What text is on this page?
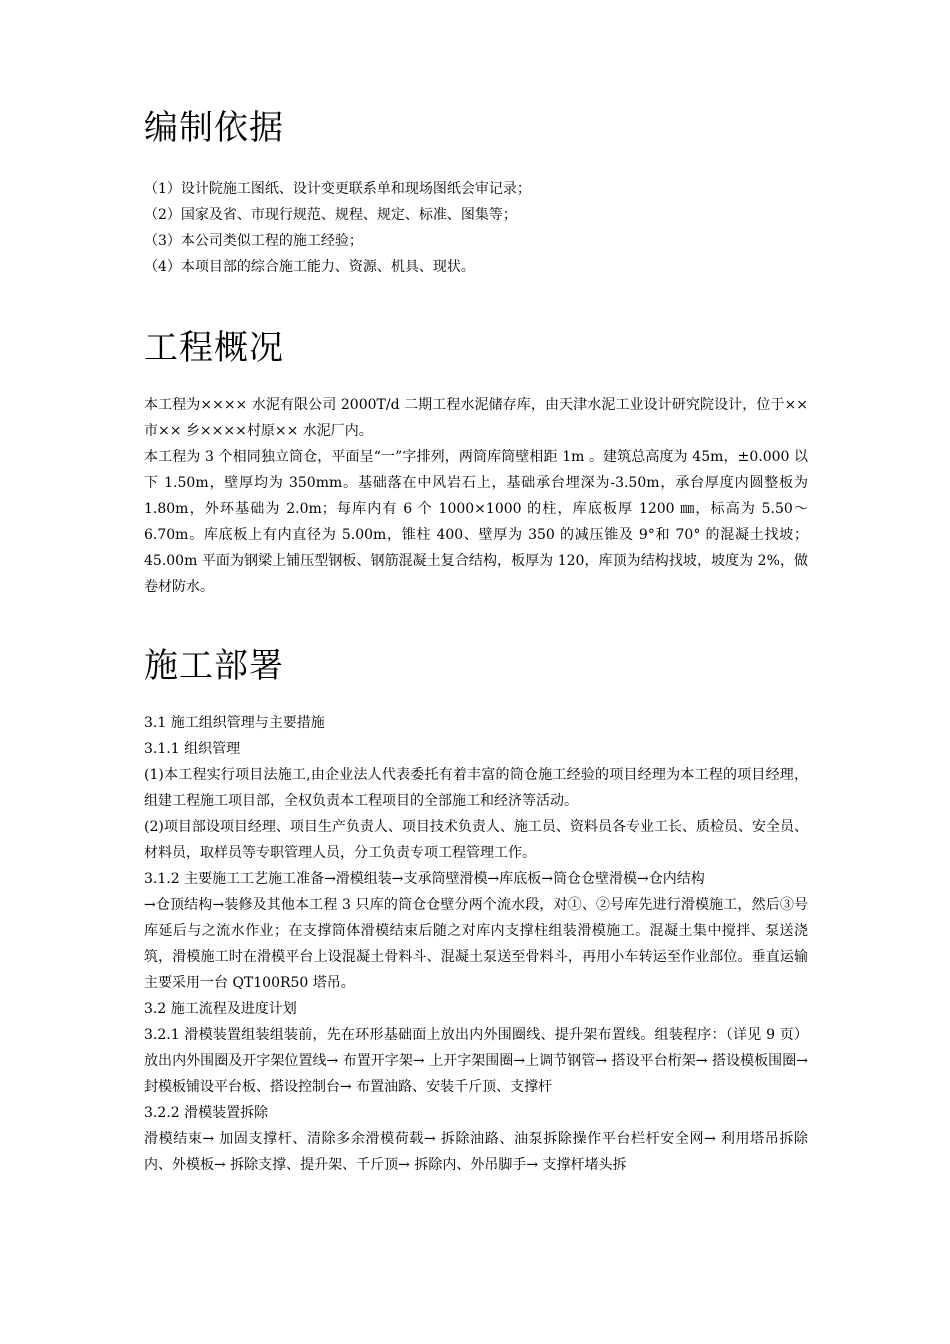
编制依据

（1）设计院施工图纸、设计变更联系单和现场图纸会审记录；

（2）国家及省、市现行规范、规程、规定、标准、图集等；

（3）本公司类似工程的施工经验；

（4）本项目部的综合施工能力、资源、机具、现状。

工程概况

本工程为×××× 水泥有限公司 2000T/d 二期工程水泥储存库，由天津水泥工业设计研究院设计，位于×× 市×× 乡××××村原×× 水泥厂内。

本工程为 3 个相同独立筒仓，平面呈“一”字排列，两筒库筒壁相距 1m 。建筑总高度为 45m，±0.000 以下 1.50m，壁厚均为 350mm。基础落在中风岩石上，基础承台埋深为-3.50m，承台厚度内圆整板为 1.80m，外环基础为 2.0m；每库内有 6 个 1000×1000 的柱，库底板厚 1200 ㎜，标高为 5.50～6.70m。库底板上有内直径为 5.00m，锥柱 400、壁厚为 350 的减压锥及 9°和 70° 的混凝土找坡；45.00m 平面为钢梁上铺压型钢板、钢筋混凝土复合结构，板厚为 120，库顶为结构找坡，坡度为 2%，做卷材防水。

施工部署

3.1 施工组织管理与主要措施

3.1.1 组织管理

(1)本工程实行项目法施工,由企业法人代表委托有着丰富的筒仓施工经验的项目经理为本工程的项目经理，组建工程施工项目部，全权负责本工程项目的全部施工和经济等活动。

(2)项目部设项目经理、项目生产负责人、项目技术负责人、施工员、资料员各专业工长、质检员、安全员、材料员，取样员等专职管理人员，分工负责专项工程管理工作。

3.1.2 主要施工工艺施工准备→滑模组装→支承筒壁滑模→库底板→筒仓仓壁滑模→仓内结构

→仓顶结构→装修及其他本工程 3 只库的筒仓仓壁分两个流水段，对①、②号库先进行滑模施工，然后③号库延后与之流水作业；在支撑筒体滑模结束后随之对库内支撑柱组装滑模施工。混凝土集中搅拌、泵送浇筑，滑模施工时在滑模平台上设混凝土骨料斗、混凝土泵送至骨料斗，再用小车转运至作业部位。垂直运输主要采用一台 QT100R50 塔吊。

3.2 施工流程及进度计划

3.2.1 滑模装置组装组装前，先在环形基础面上放出内外围圈线、提升架布置线。组装程序：（详见 9 页）放出内外围圈及开字架位置线→ 布置开字架→ 上开字架围圈→上调节钢管→ 搭设平台桁架→ 搭设模板围圈→ 封模板铺设平台板、搭设控制台→ 布置油路、安装千斤顶、支撑杆

3.2.2 滑模装置拆除

滑模结束→ 加固支撑杆、清除多余滑模荷载→ 拆除油路、油泵拆除操作平台栏杆安全网→ 利用塔吊拆除内、外模板→ 拆除支撑、提升架、千斤顶→ 拆除内、外吊脚手→ 支撑杆堵头拆
